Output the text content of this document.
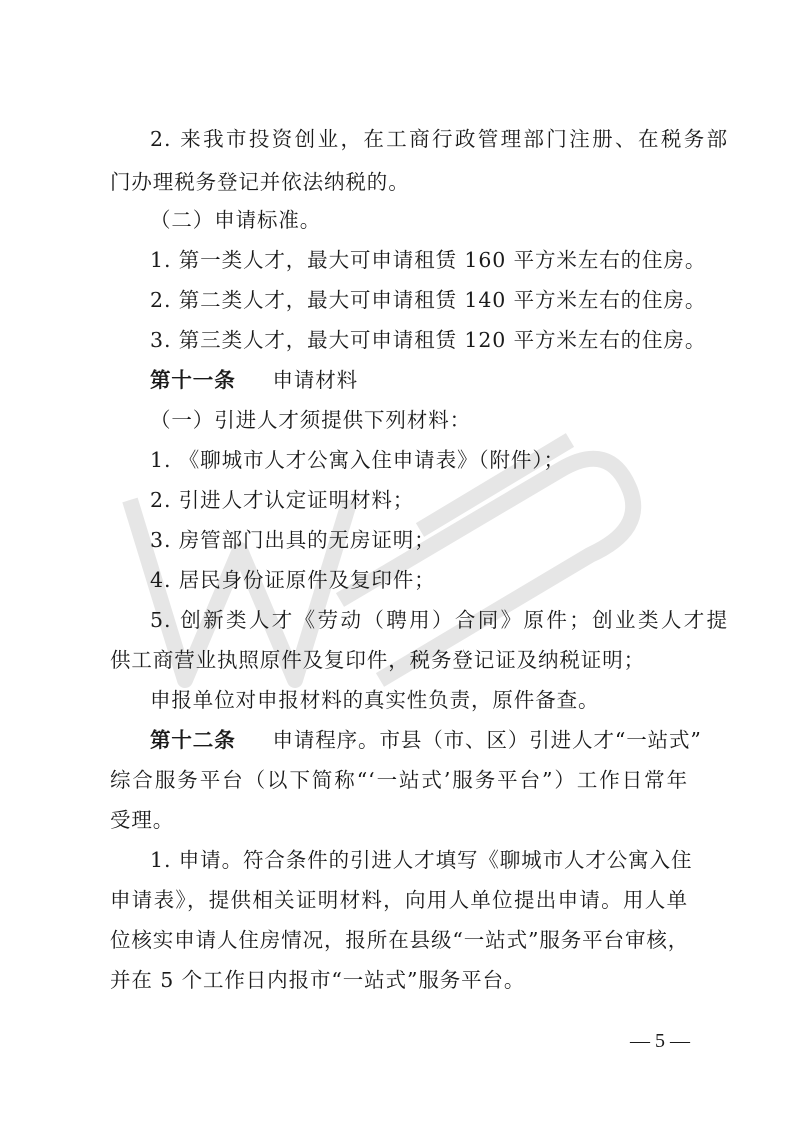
2. 来我市投资创业，在工商行政管理部门注册、在税务部
门办理税务登记并依法纳税的。
（二）申请标准。
1. 第一类人才，最大可申请租赁 160 平方米左右的住房。
2. 第二类人才，最大可申请租赁 140 平方米左右的住房。
3. 第三类人才，最大可申请租赁 120 平方米左右的住房。
第十一条 申请材料
（一）引进人才须提供下列材料：
1. 《聊城市人才公寓入住申请表》（附件）；
2. 引进人才认定证明材料；
3. 房管部门出具的无房证明；
4. 居民身份证原件及复印件；
5. 创新类人才《劳动（聘用）合同》原件；创业类人才提
供工商营业执照原件及复印件，税务登记证及纳税证明；
申报单位对申报材料的真实性负责，原件备查。
第十二条 申请程序。市县（市、区）引进人才“一站式”
综合服务平台（以下简称“‘一站式’服务平台”）工作日常年
受理。
1. 申请。符合条件的引进人才填写《聊城市人才公寓入住
申请表》，提供相关证明材料，向用人单位提出申请。用人单
位核实申请人住房情况，报所在县级“一站式”服务平台审核，
并在 5 个工作日内报市“一站式”服务平台。
— 5 —
